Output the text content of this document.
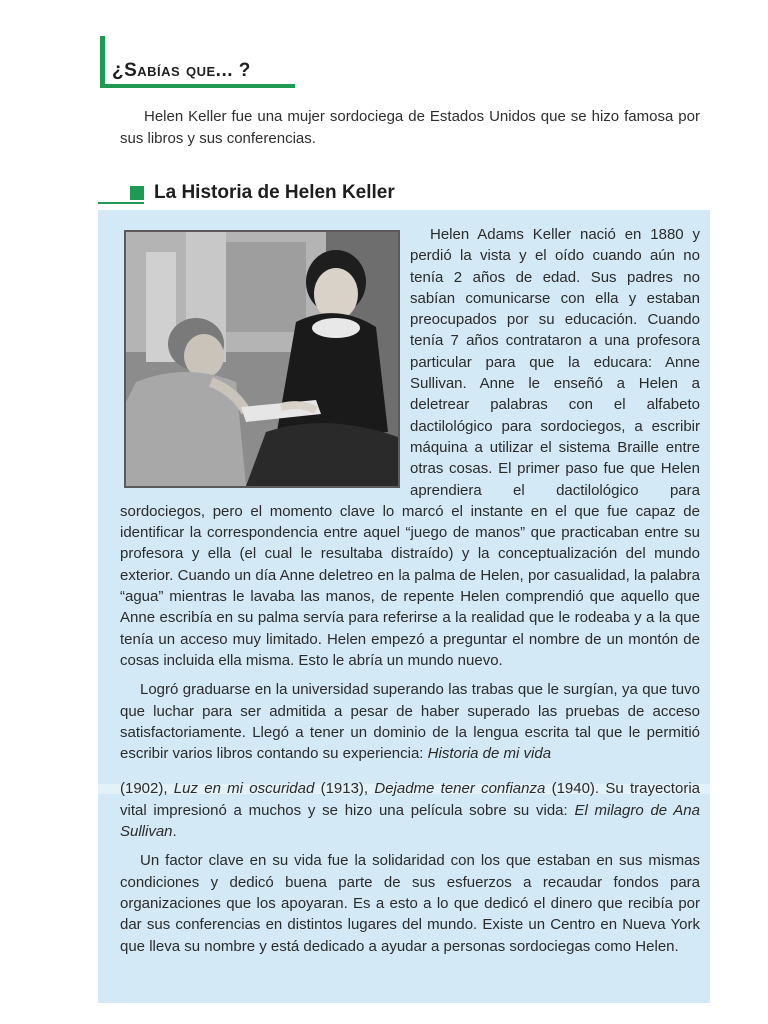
¿Sabías que... ?

Helen Keller fue una mujer sordociega de Estados Unidos que se hizo famosa por sus libros y sus conferencias.

La Historia de Helen Keller

Helen Adams Keller nació en 1880 y perdió la vista y el oído cuando aún no tenía 2 años de edad. Sus padres no sabían comunicarse con ella y estaban preocupados por su educación. Cuando tenía 7 años contrataron a una profesora particular para que la educara: Anne Sullivan. Anne le enseñó a Helen a deletrear palabras con el alfabeto dactilológico para sordociegos, a escribir máquina a utilizar el sistema Braille entre otras cosas. El primer paso fue que Helen aprendiera el dactilológico para sordociegos, pero el momento clave lo marcó el instante en el que fue capaz de identificar la correspondencia entre aquel “juego de manos” que practicaban entre su profesora y ella (el cual le resultaba distraído) y la conceptualización del mundo exterior. Cuando un día Anne deletreo en la palma de Helen, por casualidad, la palabra “agua” mientras le lavaba las manos, de repente Helen comprendió que aquello que Anne escribía en su palma servía para referirse a la realidad que le rodeaba y a la que tenía un acceso muy limitado. Helen empezó a preguntar el nombre de un montón de cosas incluida ella misma. Esto le abría un mundo nuevo.

Logró graduarse en la universidad superando las trabas que le surgían, ya que tuvo que luchar para ser admitida a pesar de haber superado las pruebas de acceso satisfactoriamente. Llegó a tener un dominio de la lengua escrita tal que le permitió escribir varios libros contando su experiencia: Historia de mi vida

(1902), Luz en mi oscuridad (1913), Dejadme tener confianza (1940). Su trayectoria vital impresionó a muchos y se hizo una película sobre su vida: El milagro de Ana Sullivan.

Un factor clave en su vida fue la solidaridad con los que estaban en sus mismas condiciones y dedicó buena parte de sus esfuerzos a recaudar fondos para organizaciones que los apoyaran. Es a esto a lo que dedicó el dinero que recibía por dar sus conferencias en distintos lugares del mundo. Existe un Centro en Nueva York que lleva su nombre y está dedicado a ayudar a personas sordociegas como Helen.
